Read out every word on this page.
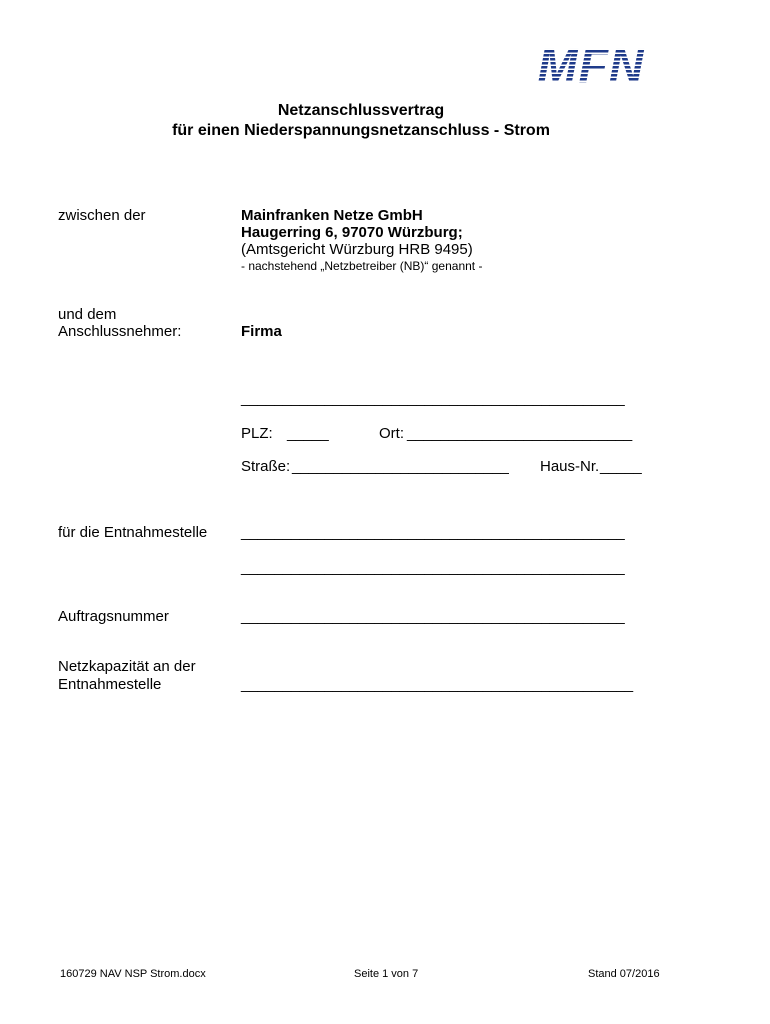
MFN
Netzanschlussvertrag
für einen Niederspannungsnetzanschluss - Strom
zwischen der	Mainfranken Netze GmbH
Haugerring 6, 97070 Würzburg;
(Amtsgericht Würzburg HRB 9495)
- nachstehend „Netzbetreiber (NB)“ genannt -
und dem
Anschlussnehmer:	Firma
______________________________________________
PLZ: _____	Ort: ___________________________
Straße: __________________________ Haus-Nr. _____
für die Entnahmestelle ______________________________________________
______________________________________________
Auftragsnummer	______________________________________________
Netzkapazität an der
Entnahmestelle	_______________________________________________
160729 NAV NSP Strom.docx	Seite 1 von 7	Stand 07/2016
